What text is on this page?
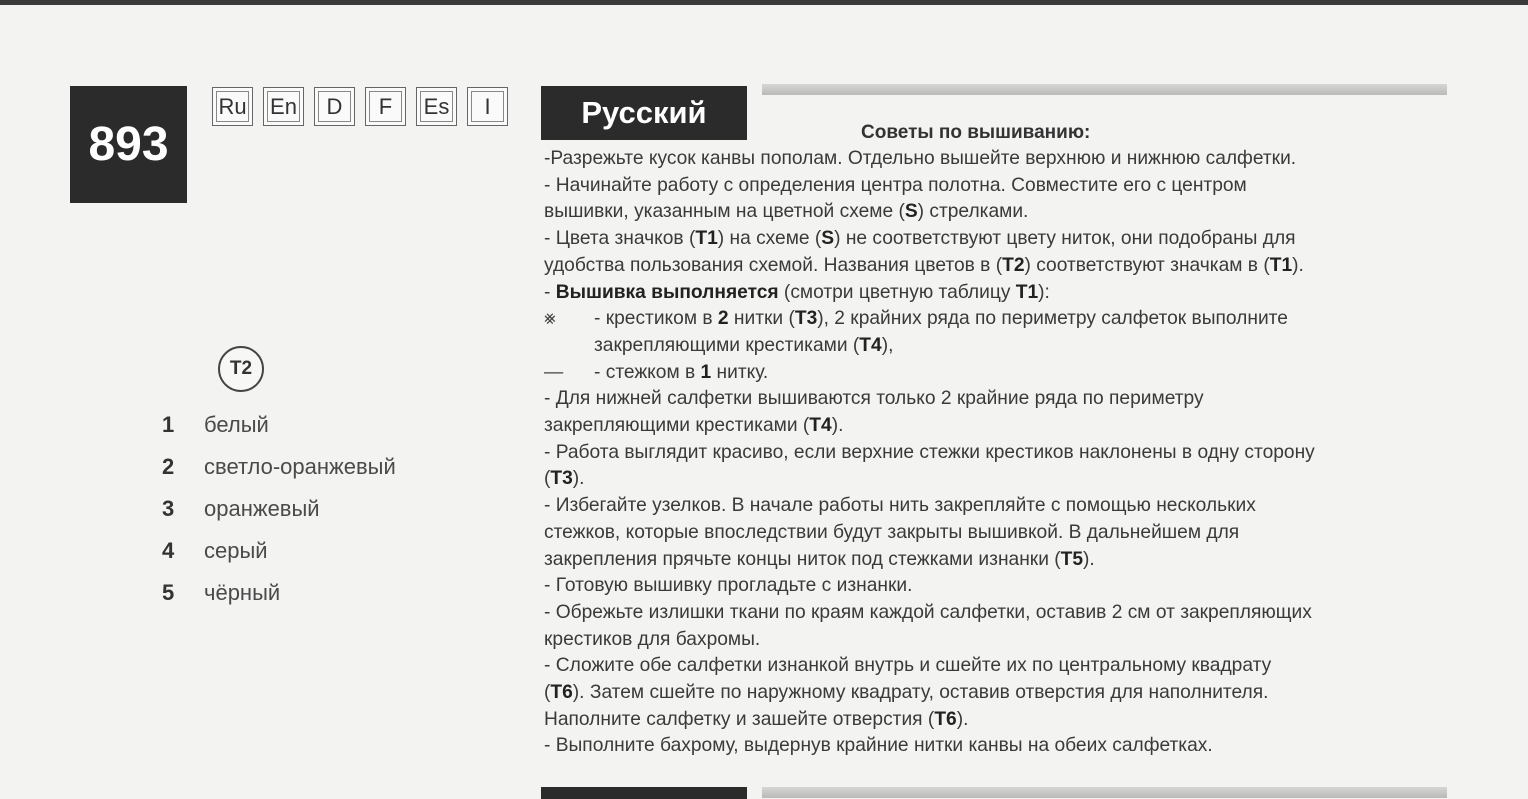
893
Ru	En	D	F	Es	I	Русский
T2
1	белый
2	светло-оранжевый
3	оранжевый
4	серый
5	чёрный
Советы по вышиванию:
-Разрежьте кусок канвы пополам. Отдельно вышейте верхнюю и нижнюю салфетки.
- Начинайте работу с определения центра полотна. Совместите его с центром
вышивки, указанным на цветной схеме (S) стрелками.
- Цвета значков (T1) на схеме (S) не соответствуют цвету ниток, они подобраны для
удобства пользования схемой. Названия цветов в (T2) соответствуют значкам в (T1).
- Вышивка выполняется (смотри цветную таблицу T1):
⨳ - крестиком в 2 нитки (T3), 2 крайних ряда по периметру салфеток выполните
закрепляющими крестиками (T4),
— - стежком в 1 нитку.
- Для нижней салфетки вышиваются только 2 крайние ряда по периметру
закрепляющими крестиками (T4).
- Работа выглядит красиво, если верхние стежки крестиков наклонены в одну сторону
(T3).
- Избегайте узелков. В начале работы нить закрепляйте с помощью нескольких
стежков, которые впоследствии будут закрыты вышивкой. В дальнейшем для
закрепления прячьте концы ниток под стежками изнанки (T5).
- Готовую вышивку прогладьте с изнанки.
- Обрежьте излишки ткани по краям каждой салфетки, оставив 2 см от закрепляющих
крестиков для бахромы.
- Сложите обе салфетки изнанкой внутрь и сшейте их по центральному квадрату
(T6). Затем сшейте по наружному квадрату, оставив отверстия для наполнителя.
Наполните салфетку и зашейте отверстия (T6).
- Выполните бахрому, выдернув крайние нитки канвы на обеих салфетках.
